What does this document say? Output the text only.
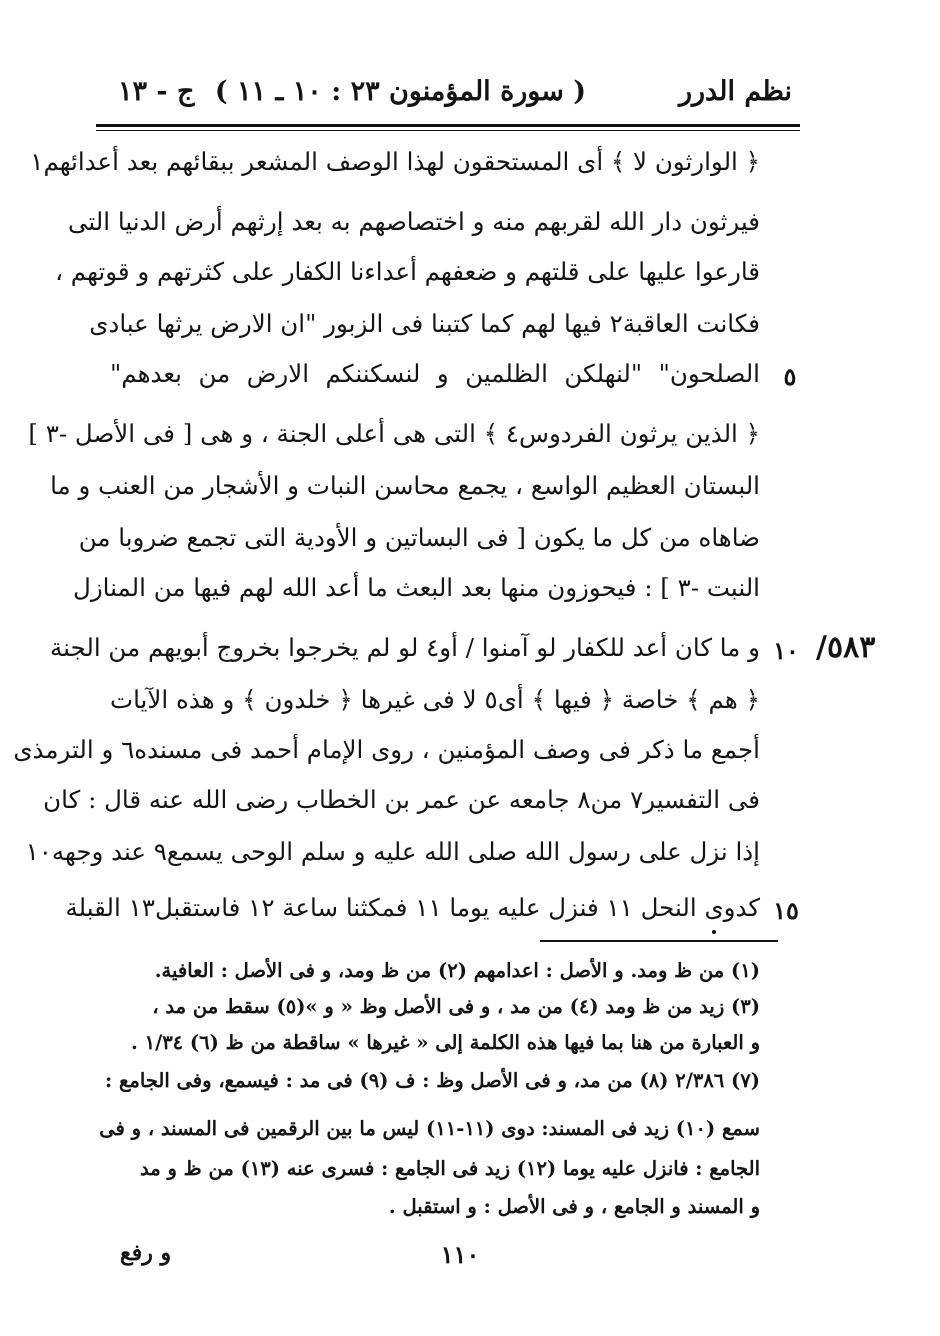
نظم الدرر
( سورة المؤمنون ٢٣ : ١٠ ـ ١١ )
ج - ١٣
﴿ الوارثون لا ﴾ أى المستحقون لهذا الوصف المشعر ببقائهم بعد أعدائهم١
فيرثون دار الله لقربهم منه و اختصاصهم به بعد إرثهم أرض الدنيا التى
قارعوا عليها على قلتهم و ضعفهم أعداءنا الكفار على كثرتهم و قوتهم ،
فكانت العاقبة٢ فيها لهم كما كتبنا فى الزبور "ان الارض يرثها عبادى
الصلحون" "لنهلكن الظلمين و لنسكننكم الارض من بعدهم"
﴿ الذين يرثون الفردوس٤ ﴾ التى هى أعلى الجنة ، و هى [ فى الأصل -٣ ]
البستان العظيم الواسع ، يجمع محاسن النبات و الأشجار من العنب و ما
ضاهاه من كل ما يكون [ فى البساتين و الأودية التى تجمع ضروبا من
النبت -٣ ] : فيحوزون منها بعد البعث ما أعد الله لهم فيها من المنازل
و ما كان أعد للكفار لو آمنوا / أو٤ لو لم يخرجوا بخروج أبويهم من الجنة
﴿ هم ﴾ خاصة ﴿ فيها ﴾ أى٥ لا فى غيرها ﴿ خلدون ﴾ و هذه الآيات
أجمع ما ذكر فى وصف المؤمنين ، روى الإمام أحمد فى مسنده٦ و الترمذى
فى التفسير٧ من٨ جامعه عن عمر بن الخطاب رضى الله عنه قال : كان
إذا نزل على رسول الله صلى الله عليه و سلم الوحى يسمع٩ عند وجهه١٠
كدوى النحل ١١ فنزل عليه يوما ١١ فمكثنا ساعة ١٢ فاستقبل١٣ القبلة
٥
١٠
١٥
٥٨٣/
(١) من ظ ومد. و الأصل : اعدامهم (٢) من ظ ومد، و فى الأصل : العافية.
(٣) زيد من ظ ومد (٤) من مد ، و فى الأصل وظ « و »(٥) سقط من مد ،
و العبارة من هنا بما فيها هذه الكلمة إلى « غيرها » ساقطة من ظ (٦) ١/٣٤ .
(٧) ٢/٣٨٦ (٨) من مد، و فى الأصل وظ : ف (٩) فى مد : فيسمع، وفى الجامع :
سمع (١٠) زيد فى المسند: دوى (١١-١١) ليس ما بين الرقمين فى المسند ، و فى
الجامع : فانزل عليه يوما (١٢) زيد فى الجامع : فسرى عنه (١٣) من ظ و مد
و المسند و الجامع ، و فى الأصل : و استقبل .
١١٠
و رفع
